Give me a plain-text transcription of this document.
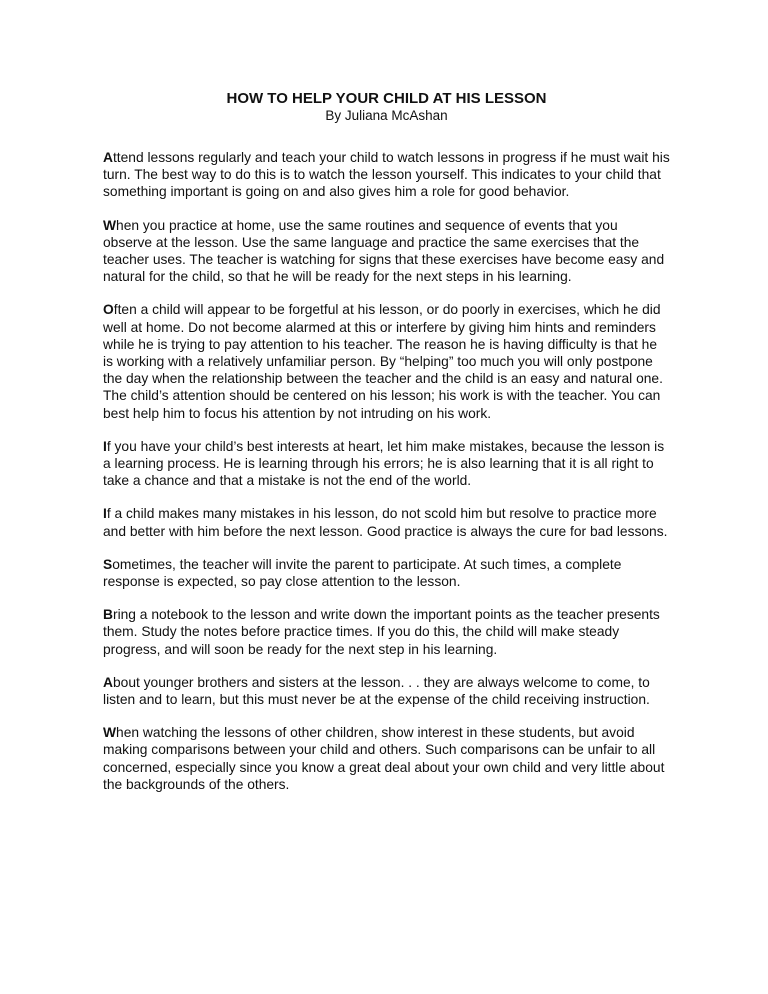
HOW TO HELP YOUR CHILD AT HIS LESSON

By Juliana McAshan

Attend lessons regularly and teach your child to watch lessons in progress if he must wait his turn. The best way to do this is to watch the lesson yourself. This indicates to your child that something important is going on and also gives him a role for good behavior.

When you practice at home, use the same routines and sequence of events that you observe at the lesson. Use the same language and practice the same exercises that the teacher uses. The teacher is watching for signs that these exercises have become easy and natural for the child, so that he will be ready for the next steps in his learning.

Often a child will appear to be forgetful at his lesson, or do poorly in exercises, which he did well at home. Do not become alarmed at this or interfere by giving him hints and reminders while he is trying to pay attention to his teacher. The reason he is having difficulty is that he is working with a relatively unfamiliar person. By “helping” too much you will only postpone the day when the relationship between the teacher and the child is an easy and natural one. The child’s attention should be centered on his lesson; his work is with the teacher. You can best help him to focus his attention by not intruding on his work.

If you have your child’s best interests at heart, let him make mistakes, because the lesson is a learning process. He is learning through his errors; he is also learning that it is all right to take a chance and that a mistake is not the end of the world.

If a child makes many mistakes in his lesson, do not scold him but resolve to practice more and better with him before the next lesson. Good practice is always the cure for bad lessons.

Sometimes, the teacher will invite the parent to participate. At such times, a complete response is expected, so pay close attention to the lesson.

Bring a notebook to the lesson and write down the important points as the teacher presents them. Study the notes before practice times. If you do this, the child will make steady progress, and will soon be ready for the next step in his learning.

About younger brothers and sisters at the lesson. . . they are always welcome to come, to listen and to learn, but this must never be at the expense of the child receiving instruction.

When watching the lessons of other children, show interest in these students, but avoid making comparisons between your child and others. Such comparisons can be unfair to all concerned, especially since you know a great deal about your own child and very little about the backgrounds of the others.
